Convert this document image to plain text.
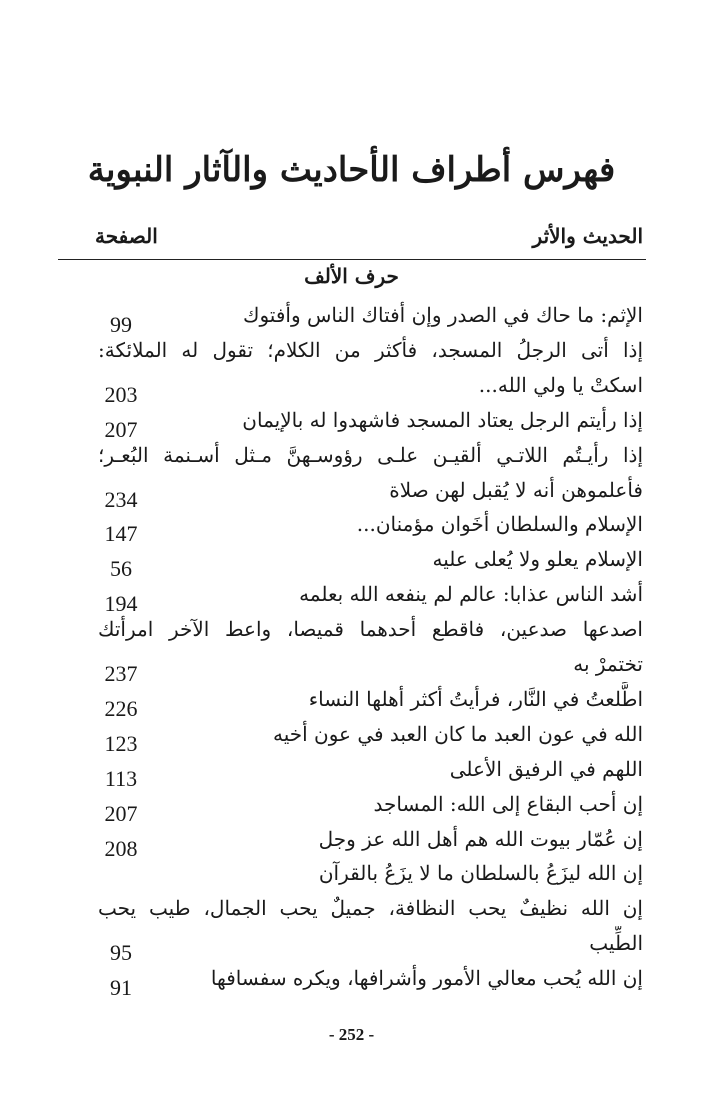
فهرس أطراف الأحاديث والآثار النبوية
الحديث والأثر
الصفحة
حرف الألف
الإثم: ما حاك في الصدر وإن أفتاك الناس وأفتوك
99
إذا أتى الرجلُ المسجد، فأكثر من الكلام؛ تقول له الملائكة:
اسكتْ يا ولي الله...
203
إذا رأيتم الرجل يعتاد المسجد فاشهدوا له بالإيمان
207
إذا رأيـتُم اللاتـي ألقيـن علـى رؤوسـهنَّ مـثل أسـنمة البُعـر؛
فأعلموهن أنه لا يُقبل لهن صلاة
234
الإسلام والسلطان أخَوان مؤمنان...
147
الإسلام يعلو ولا يُعلى عليه
56
أشد الناس عذابا: عالم لم ينفعه الله بعلمه
194
اصدعها صدعين، فاقطع أحدهما قميصا، واعط الآخر امرأتك
تختمرْ به
237
اطَّلعتُ في النَّار، فرأيتُ أكثر أهلها النساء
226
الله في عون العبد ما كان العبد في عون أخيه
123
اللهم في الرفيق الأعلى
113
إن أحب البقاع إلى الله: المساجد
207
إن عُمّار بيوت الله هم أهل الله عز وجل
208
إن الله ليزَعُ بالسلطان ما لا يزَعُ بالقرآن
إن الله نظيفٌ يحب النظافة، جميلٌ يحب الجمال، طيب يحب
الطِّيب
95
إن الله يُحب معالي الأمور وأشرافها، ويكره سفسافها
91
- 252 -
